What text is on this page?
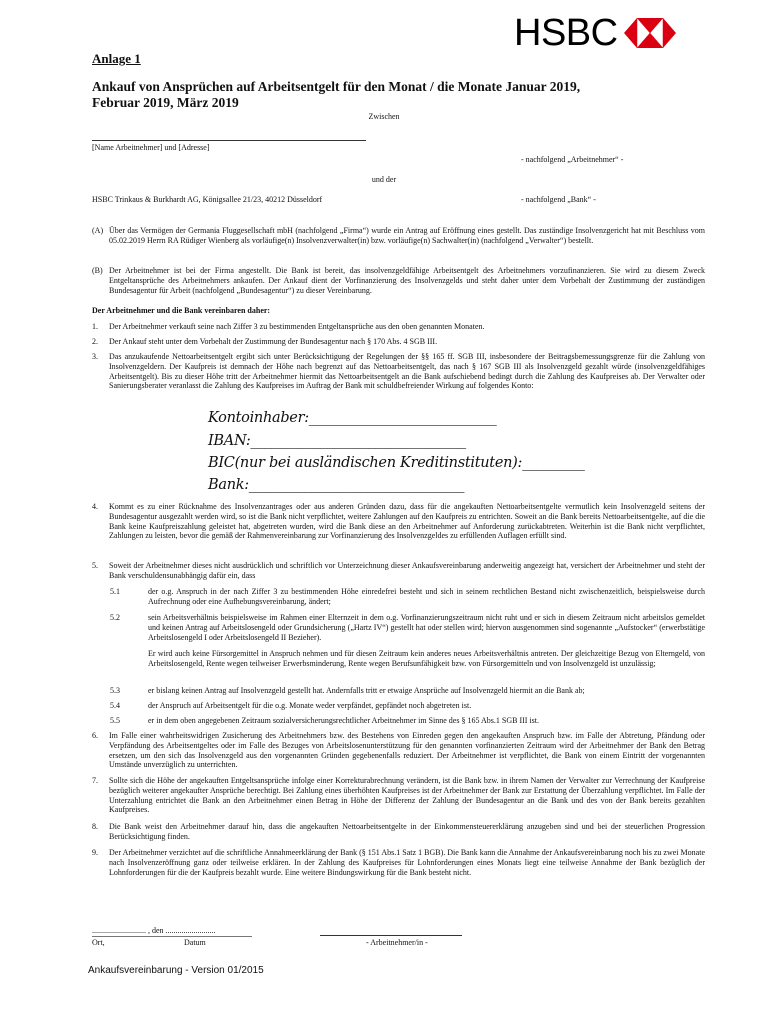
HSBC
Anlage 1
Ankauf von Ansprüchen auf Arbeitsentgelt für den Monat / die Monate Januar 2019,
Februar 2019, März 2019
Zwischen
[Name Arbeitnehmer] und [Adresse]
- nachfolgend „Arbeitnehmer“ -
und der
HSBC Trinkaus & Burkhardt AG, Königsallee 21/23, 40212 Düsseldorf	- nachfolgend „Bank“ -
(A) Über das Vermögen der Germania Fluggesellschaft mbH (nachfolgend „Firma“) wurde ein Antrag auf Eröffnung eines gestellt. Das zuständige Insolvenzgericht hat mit Beschluss vom 05.02.2019 Herrn RA Rüdiger Wienberg als vorläufige(n) Insolvenzverwalter(in) bzw. vorläufige(n) Sachwalter(in) (nachfolgend „Verwalter“) bestellt.
(B) Der Arbeitnehmer ist bei der Firma angestellt. Die Bank ist bereit, das insolvenzgeldfähige Arbeitsentgelt des Arbeitnehmers vorzufinanzieren. Sie wird zu diesem Zweck Entgeltansprüche des Arbeitnehmers ankaufen. Der Ankauf dient der Vorfinanzierung des Insolvenzgelds und steht daher unter dem Vorbehalt der Zustimmung der zuständigen Bundesagentur für Arbeit (nachfolgend „Bundesagentur“) zu dieser Vereinbarung.
Der Arbeitnehmer und die Bank vereinbaren daher:
1. Der Arbeitnehmer verkauft seine nach Ziffer 3 zu bestimmenden Entgeltansprüche aus den oben genannten Monaten.
2. Der Ankauf steht unter dem Vorbehalt der Zustimmung der Bundesagentur nach § 170 Abs. 4 SGB III.
3. Das anzukaufende Nettoarbeitsentgelt ergibt sich unter Berücksichtigung der Regelungen der §§ 165 ff. SGB III, insbesondere der Beitragsbemessungsgrenze für die Zahlung von Insolvenzgeldern. Der Kaufpreis ist demnach der Höhe nach begrenzt auf das Nettoarbeitsentgelt, das nach § 167 SGB III als Insolvenzgeld gezahlt würde (insolvenzgeldfähiges Arbeitsentgelt). Bis zu dieser Höhe tritt der Arbeitnehmer hiermit das Nettoarbeitsentgelt an die Bank aufschiebend bedingt durch die Zahlung des Kaufpreises ab. Der Verwalter oder Sanierungsberater veranlasst die Zahlung des Kaufpreises im Auftrag der Bank mit schuldbefreiender Wirkung auf folgendes Konto:
Kontoinhaber:___________________________
IBAN:_______________________________
BIC(nur bei ausländischen Kreditinstituten):_________
Bank:_______________________________
4. Kommt es zu einer Rücknahme des Insolvenzantrages oder aus anderen Gründen dazu, dass für die angekauften Nettoarbeitsentgelte vermutlich kein Insolvenzgeld seitens der Bundesagentur ausgezahlt werden wird, so ist die Bank nicht verpflichtet, weitere Zahlungen auf den Kaufpreis zu entrichten. Soweit an die Bank bereits Nettoarbeitsentgelte, auf die die Bank keine Kaufpreiszahlung geleistet hat, abgetreten wurden, wird die Bank diese an den Arbeitnehmer auf Anforderung zurückabtreten. Weiterhin ist die Bank nicht verpflichtet, Zahlungen zu leisten, bevor die gemäß der Rahmenvereinbarung zur Vorfinanzierung des Insolvenzgeldes zu erfüllenden Auflagen erfüllt sind.
5. Soweit der Arbeitnehmer dieses nicht ausdrücklich und schriftlich vor Unterzeichnung dieser Ankaufsvereinbarung anderweitig angezeigt hat, versichert der Arbeitnehmer und steht der Bank verschuldensunabhängig dafür ein, dass
5.1	der o.g. Anspruch in der nach Ziffer 3 zu bestimmenden Höhe einredefrei besteht und sich in seinem rechtlichen Bestand nicht zwischenzeitlich, beispielsweise durch Aufrechnung oder eine Aufhebungsvereinbarung, ändert;
5.2	sein Arbeitsverhältnis beispielsweise im Rahmen einer Elternzeit in dem o.g. Vorfinanzierungszeitraum nicht ruht und er sich in diesem Zeitraum nicht arbeitslos gemeldet und keinen Antrag auf Arbeitslosengeld oder Grundsicherung („Hartz IV“) gestellt hat oder stellen wird; hiervon ausgenommen sind sogenannte „Aufstocker“ (erwerbstätige Arbeitslosengeld I oder Arbeitslosengeld II Bezieher).
Er wird auch keine Fürsorgemittel in Anspruch nehmen und für diesen Zeitraum kein anderes neues Arbeitsverhältnis antreten. Der gleichzeitige Bezug von Elterngeld, von Arbeitslosengeld, Rente wegen teilweiser Erwerbsminderung, Rente wegen Berufsunfähigkeit bzw. von Fürsorgemitteln und von Insolvenzgeld ist unzulässig;
5.3	er bislang keinen Antrag auf Insolvenzgeld gestellt hat. Andernfalls tritt er etwaige Ansprüche auf Insolvenzgeld hiermit an die Bank ab;
5.4	der Anspruch auf Arbeitsentgelt für die o.g. Monate weder verpfändet, gepfändet noch abgetreten ist.
5.5	er in dem oben angegebenen Zeitraum sozialversicherungsrechtlicher Arbeitnehmer im Sinne des § 165 Abs.1 SGB III ist.
6. Im Falle einer wahrheitswidrigen Zusicherung des Arbeitnehmers bzw. des Bestehens von Einreden gegen den angekauften Anspruch bzw. im Falle der Abtretung, Pfändung oder Verpfändung des Arbeitsentgeltes oder im Falle des Bezuges von Arbeitslosenunterstützung für den genannten vorfinanzierten Zeitraum wird der Arbeitnehmer der Bank den Betrag ersetzen, um den sich das Insolvenzgeld aus den vorgenannten Gründen gegebenenfalls reduziert. Der Arbeitnehmer ist verpflichtet, die Bank von einem Eintritt der vorgenannten Umstände unverzüglich zu unterrichten.
7. Sollte sich die Höhe der angekauften Entgeltsansprüche infolge einer Korrekturabrechnung verändern, ist die Bank bzw. in ihrem Namen der Verwalter zur Verrechnung der Kaufpreise bezüglich weiterer angekaufter Ansprüche berechtigt. Bei Zahlung eines überhöhten Kaufpreises ist der Arbeitnehmer der Bank zur Erstattung der Überzahlung verpflichtet. Im Falle der Unterzahlung entrichtet die Bank an den Arbeitnehmer einen Betrag in Höhe der Differenz der Zahlung der Bundesagentur an die Bank und des von der Bank bereits gezahlten Kaufpreises.
8. Die Bank weist den Arbeitnehmer darauf hin, dass die angekauften Nettoarbeitsentgelte in der Einkommensteuererklärung anzugeben sind und bei der steuerlichen Progression Berücksichtigung finden.
9. Der Arbeitnehmer verzichtet auf die schriftliche Annahmeerklärung der Bank (§ 151 Abs.1 Satz 1 BGB). Die Bank kann die Annahme der Ankaufsvereinbarung noch bis zu zwei Monate nach Insolvenzeröffnung ganz oder teilweise erklären. In der Zahlung des Kaufpreises für Lohnforderungen eines Monats liegt eine teilweise Annahme der Bank bezüglich der Lohnforderungen für die der Kaufpreis bezahlt wurde. Eine weitere Bindungswirkung für die Bank besteht nicht.
........................... , den .........................
Ort,	Datum	- Arbeitnehmer/in -
Ankaufsvereinbarung - Version 01/2015
